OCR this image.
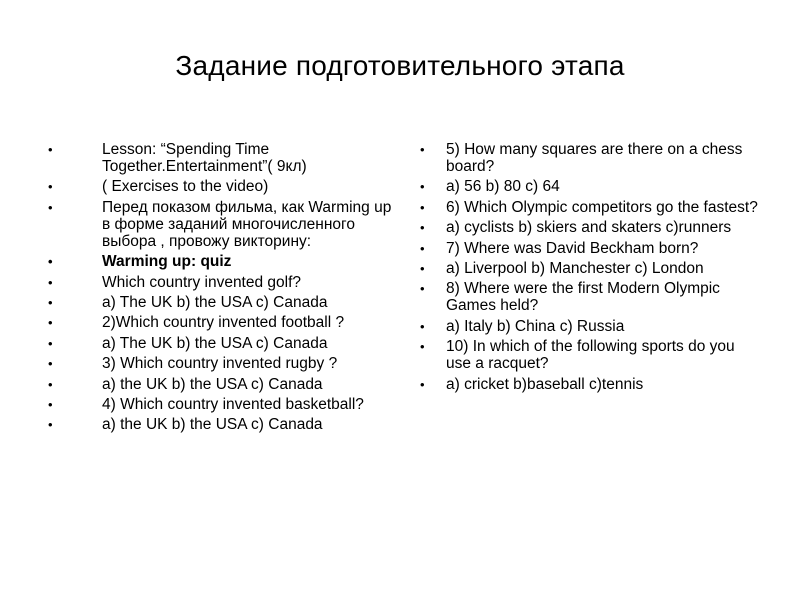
Задание подготовительного этапа
• Lesson: “Spending Time Together.Entertainment”( 9кл)
• ( Exercises to the video)
• Перед показом фильма, как Warming up в форме заданий многочисленного выбора , провожу викторину:
• Warming up: quiz
• Which country invented golf?
• a) The UK b) the USA c) Canada
• 2)Which country invented football ?
• a) The UK b) the USA c) Canada
• 3) Which country invented rugby ?
• a) the UK b) the USA c) Canada
• 4) Which country invented basketball?
• a) the UK b) the USA c) Canada
• 5) How many squares are there on a chess board?
• a) 56 b) 80 c) 64
• 6) Which Olympic competitors go the fastest?
• a) cyclists b) skiers and skaters c)runners
• 7) Where was David Beckham born?
• a) Liverpool b) Manchester c) London
• 8) Where were the first Modern Olympic Games held?
• a) Italy b) China c) Russia
• 10) In which of the following sports do you use a racquet?
• a) cricket b)baseball c)tennis
